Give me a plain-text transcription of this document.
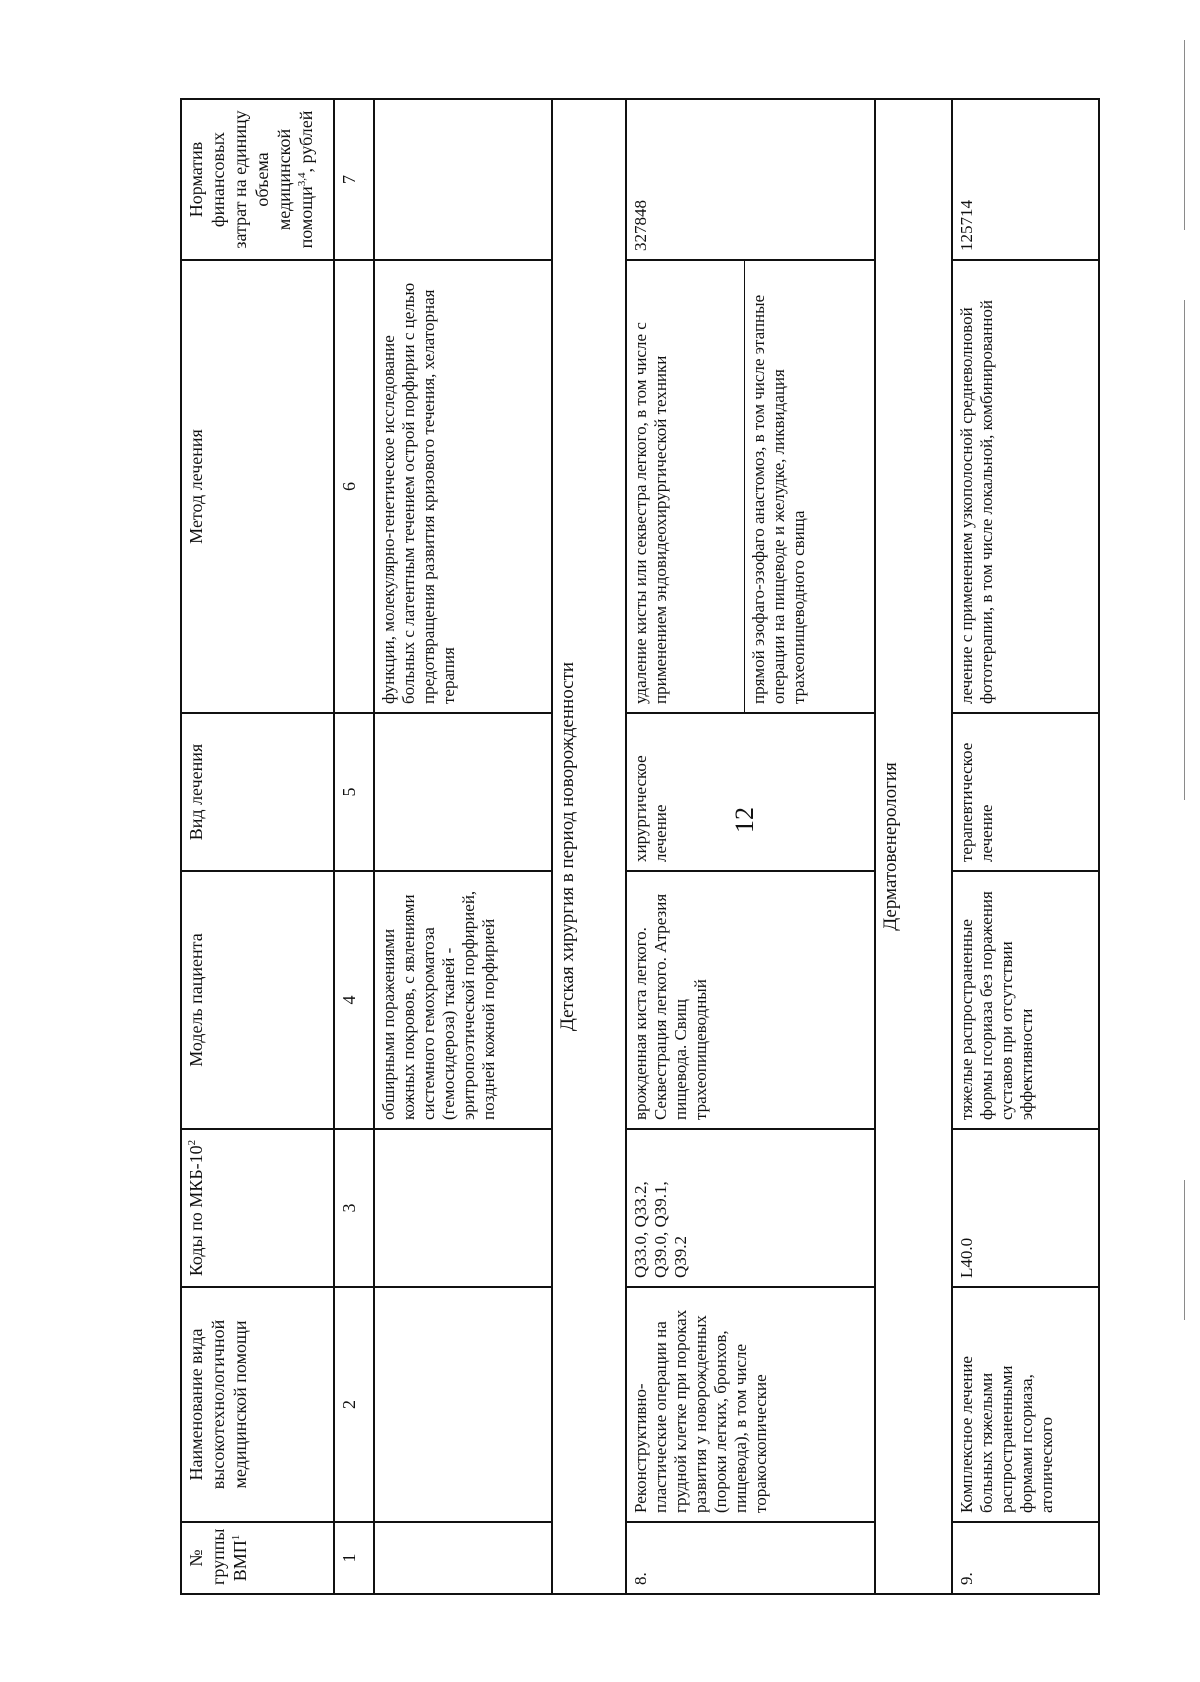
12
№ группы ВМП$^1$	Наименование вида высокотехнологичной медицинской помощи	Коды по МКБ-$10^2$	Модель пациента	Вид лечения	Метод лечения	Норматив финансовых затрат на единицу объема медицинской помощи$^{3,4}$, рублей
1	2	3	4	5	6	7
			обширными поражениями кожных покровов, с явлениями системного гемохроматоза (гемосидероза) тканей - эритропоэтической порфирией, поздней кожной порфирией		функции, молекулярно-генетическое исследование больных с латентным течением острой порфирии с целью предотвращения развития кризового течения, хелаторная терапия	
Детская хирургия в период новорожденности						
8.	Реконструктивно-пластические операции на грудной клетке при пороках развития у новорожденных (пороки легких, бронхов, пищевода), в том числе торакоскопические	Q33.0, Q33.2, Q39.0, Q39.1, Q39.2	врожденная киста легкого. Секвестрация легкого. Атрезия пищевода. Свищ трахеопищеводный	хирургическое лечение	удаление кисты или секвестра легкого, в том числе с применением эндовидеохирургической техники прямой эзофаго-эзофаго анастомоз, в том числе этапные операции на пищеводе и желудке, ликвидация трахеопищеводного свища	327848
Дерматовенерология						
9.	Комплексное лечение больных тяжелыми распространенными формами псориаза, атопического	L40.0	тяжелые распространенные формы псориаза без поражения суставов при отсутствии эффективности	терапевтическое лечение	лечение с применением узкополосной средневолновой фототерапии, в том числе локальной, комбинированной	125714
